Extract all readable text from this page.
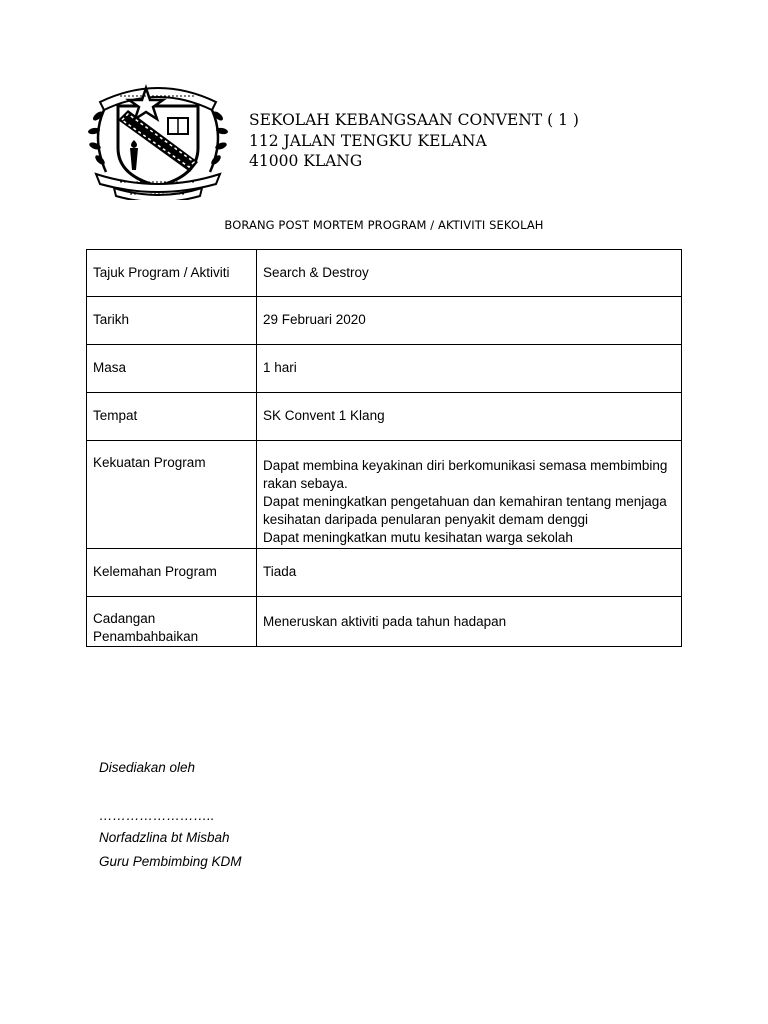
SEKOLAH KEBANGSAAN CONVENT ( 1 )
112 JALAN TENGKU KELANA
41000 KLANG
BORANG POST MORTEM PROGRAM / AKTIVITI SEKOLAH
Tajuk Program / Aktiviti	Search & Destroy
Tarikh	29 Februari 2020
Masa	1 hari
Tempat	SK Convent 1 Klang
Kekuatan Program	Dapat membina keyakinan diri berkomunikasi semasa membimbing rakan sebaya.
Dapat meningkatkan pengetahuan dan kemahiran tentang menjaga kesihatan daripada penularan penyakit demam denggi
Dapat meningkatkan mutu kesihatan warga sekolah

Kelemahan Program	Tiada
Cadangan Penambahbaikan	Meneruskan aktiviti pada tahun hadapan
Disediakan oleh
……………………..
Norfadzlina bt Misbah
Guru Pembimbing KDM
